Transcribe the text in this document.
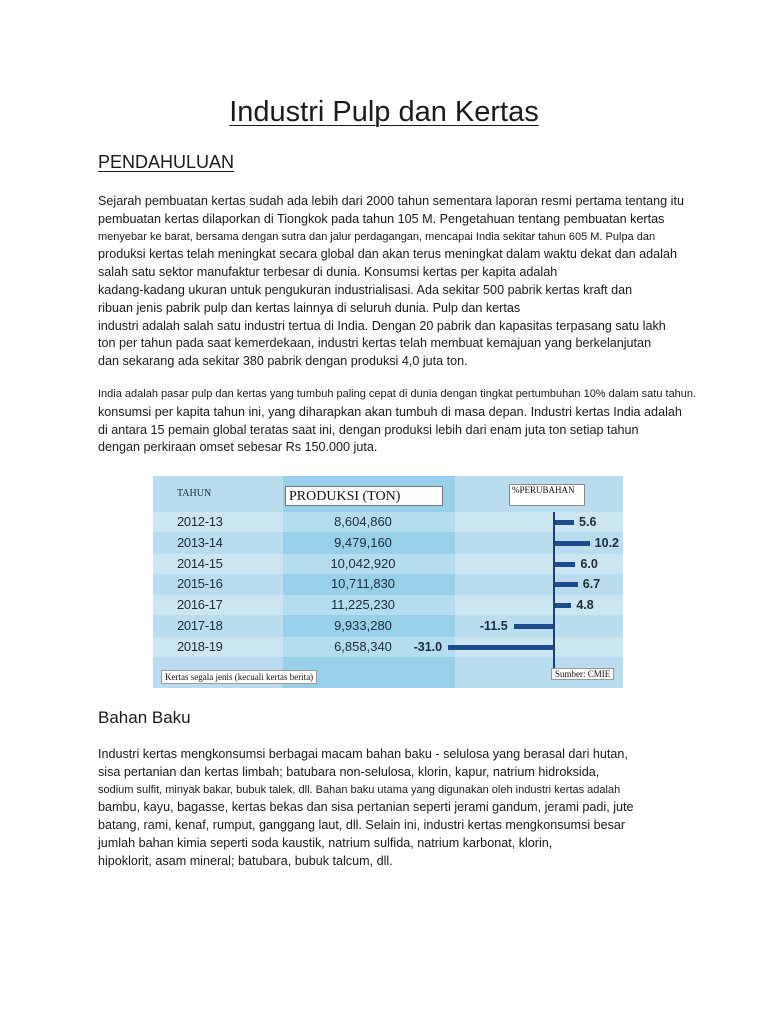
Industri Pulp dan Kertas
PENDAHULUAN
Sejarah pembuatan kertas sudah ada lebih dari 2000 tahun sementara laporan resmi pertama tentang itu
pembuatan kertas dilaporkan di Tiongkok pada tahun 105 M. Pengetahuan tentang pembuatan kertas
menyebar ke barat, bersama dengan sutra dan jalur perdagangan, mencapai India sekitar tahun 605 M. Pulpa dan
produksi kertas telah meningkat secara global dan akan terus meningkat dalam waktu dekat dan adalah
salah satu sektor manufaktur terbesar di dunia. Konsumsi kertas per kapita adalah
kadang-kadang ukuran untuk pengukuran industrialisasi. Ada sekitar 500 pabrik kertas kraft dan
ribuan jenis pabrik pulp dan kertas lainnya di seluruh dunia. Pulp dan kertas
industri adalah salah satu industri tertua di India. Dengan 20 pabrik dan kapasitas terpasang satu lakh
ton per tahun pada saat kemerdekaan, industri kertas telah membuat kemajuan yang berkelanjutan
dan sekarang ada sekitar 380 pabrik dengan produksi 4,0 juta ton.
India adalah pasar pulp dan kertas yang tumbuh paling cepat di dunia dengan tingkat pertumbuhan 10% dalam satu tahun.
konsumsi per kapita tahun ini, yang diharapkan akan tumbuh di masa depan. Industri kertas India adalah
di antara 15 pemain global teratas saat ini, dengan produksi lebih dari enam juta ton setiap tahun
dengan perkiraan omset sebesar Rs 150.000 juta.
TAHUN	PRODUKSI (TON)	%PERUBAHAN
2012-13	8,604,860	5.6
2013-14	9,479,160	10.2
2014-15	10,042,920	6.0
2015-16	10,711,830	6.7
2016-17	11,225,230	4.8
2017-18	9,933,280	-11.5
2018-19	6,858,340	-31.0
Kertas segala jenis (kecuali kertas berita)	Sumber: CMIE
Bahan Baku
Industri kertas mengkonsumsi berbagai macam bahan baku - selulosa yang berasal dari hutan,
sisa pertanian dan kertas limbah; batubara non-selulosa, klorin, kapur, natrium hidroksida,
sodium sulfit, minyak bakar, bubuk talek, dll. Bahan baku utama yang digunakan oleh industri kertas adalah
bambu, kayu, bagasse, kertas bekas dan sisa pertanian seperti jerami gandum, jerami padi, jute
batang, rami, kenaf, rumput, ganggang laut, dll. Selain ini, industri kertas mengkonsumsi besar
jumlah bahan kimia seperti soda kaustik, natrium sulfida, natrium karbonat, klorin,
hipoklorit, asam mineral; batubara, bubuk talcum, dll.
